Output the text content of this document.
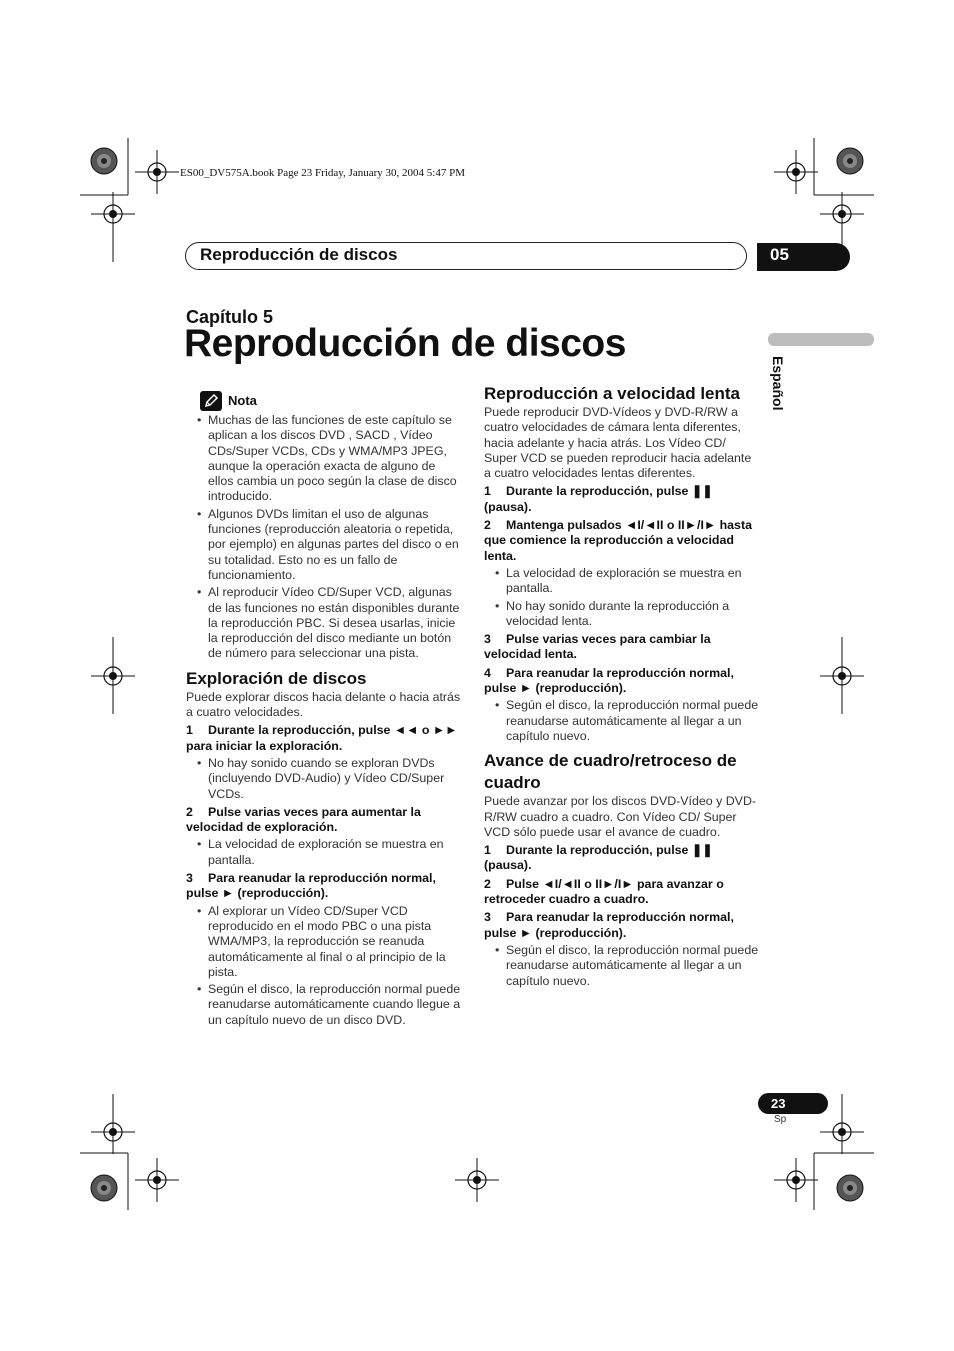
ES00_DV575A.book Page 23 Friday, January 30, 2004 5:47 PM
Reproducción de discos	05
Capítulo 5
Reproducción de discos
Español
Nota
• Muchas de las funciones de este capítulo se aplican a los discos DVD , SACD , Vídeo CDs/Super VCDs, CDs y WMA/MP3 JPEG, aunque la operación exacta de alguno de ellos cambia un poco según la clase de disco introducido.
• Algunos DVDs limitan el uso de algunas funciones (reproducción aleatoria o repetida, por ejemplo) en algunas partes del disco o en su totalidad. Esto no es un fallo de funcionamiento.
• Al reproducir Vídeo CD/Super VCD, algunas de las funciones no están disponibles durante la reproducción PBC. Si desea usarlas, inicie la reproducción del disco mediante un botón de número para seleccionar una pista.

Exploración de discos

Puede explorar discos hacia delante o hacia atrás a cuatro velocidades.

1 Durante la reproducción, pulse ◄◄ o ►► para iniciar la exploración.

• No hay sonido cuando se exploran DVDs (incluyendo DVD-Audio) y Vídeo CD/Super VCDs.

2 Pulse varias veces para aumentar la velocidad de exploración.

• La velocidad de exploración se muestra en pantalla.

3 Para reanudar la reproducción normal, pulse ► (reproducción).

• Al explorar un Vídeo CD/Super VCD reproducido en el modo PBC o una pista WMA/MP3, la reproducción se reanuda automáticamente al final o al principio de la pista.
• Según el disco, la reproducción normal puede reanudarse automáticamente cuando llegue a un capítulo nuevo de un disco DVD.

Reproducción a velocidad lenta

Puede reproducir DVD-Vídeos y DVD-R/RW a cuatro velocidades de cámara lenta diferentes, hacia adelante y hacia atrás. Los Vídeo CD/ Super VCD se pueden reproducir hacia adelante a cuatro velocidades lentas diferentes.

1 Durante la reproducción, pulse ❚❚ (pausa).

2 Mantenga pulsados ◄I/◄II o II►/I► hasta que comience la reproducción a velocidad lenta.

• La velocidad de exploración se muestra en pantalla.
• No hay sonido durante la reproducción a velocidad lenta.

3 Pulse varias veces para cambiar la velocidad lenta.

4 Para reanudar la reproducción normal, pulse ► (reproducción).

• Según el disco, la reproducción normal puede reanudarse automáticamente al llegar a un capítulo nuevo.

Avance de cuadro/retroceso de cuadro

Puede avanzar por los discos DVD-Vídeo y DVD-R/RW cuadro a cuadro. Con Vídeo CD/ Super VCD sólo puede usar el avance de cuadro.

1 Durante la reproducción, pulse ❚❚ (pausa).

2 Pulse ◄I/◄II o II►/I► para avanzar o retroceder cuadro a cuadro.

3 Para reanudar la reproducción normal, pulse ► (reproducción).

• Según el disco, la reproducción normal puede reanudarse automáticamente al llegar a un capítulo nuevo.
23
Sp
